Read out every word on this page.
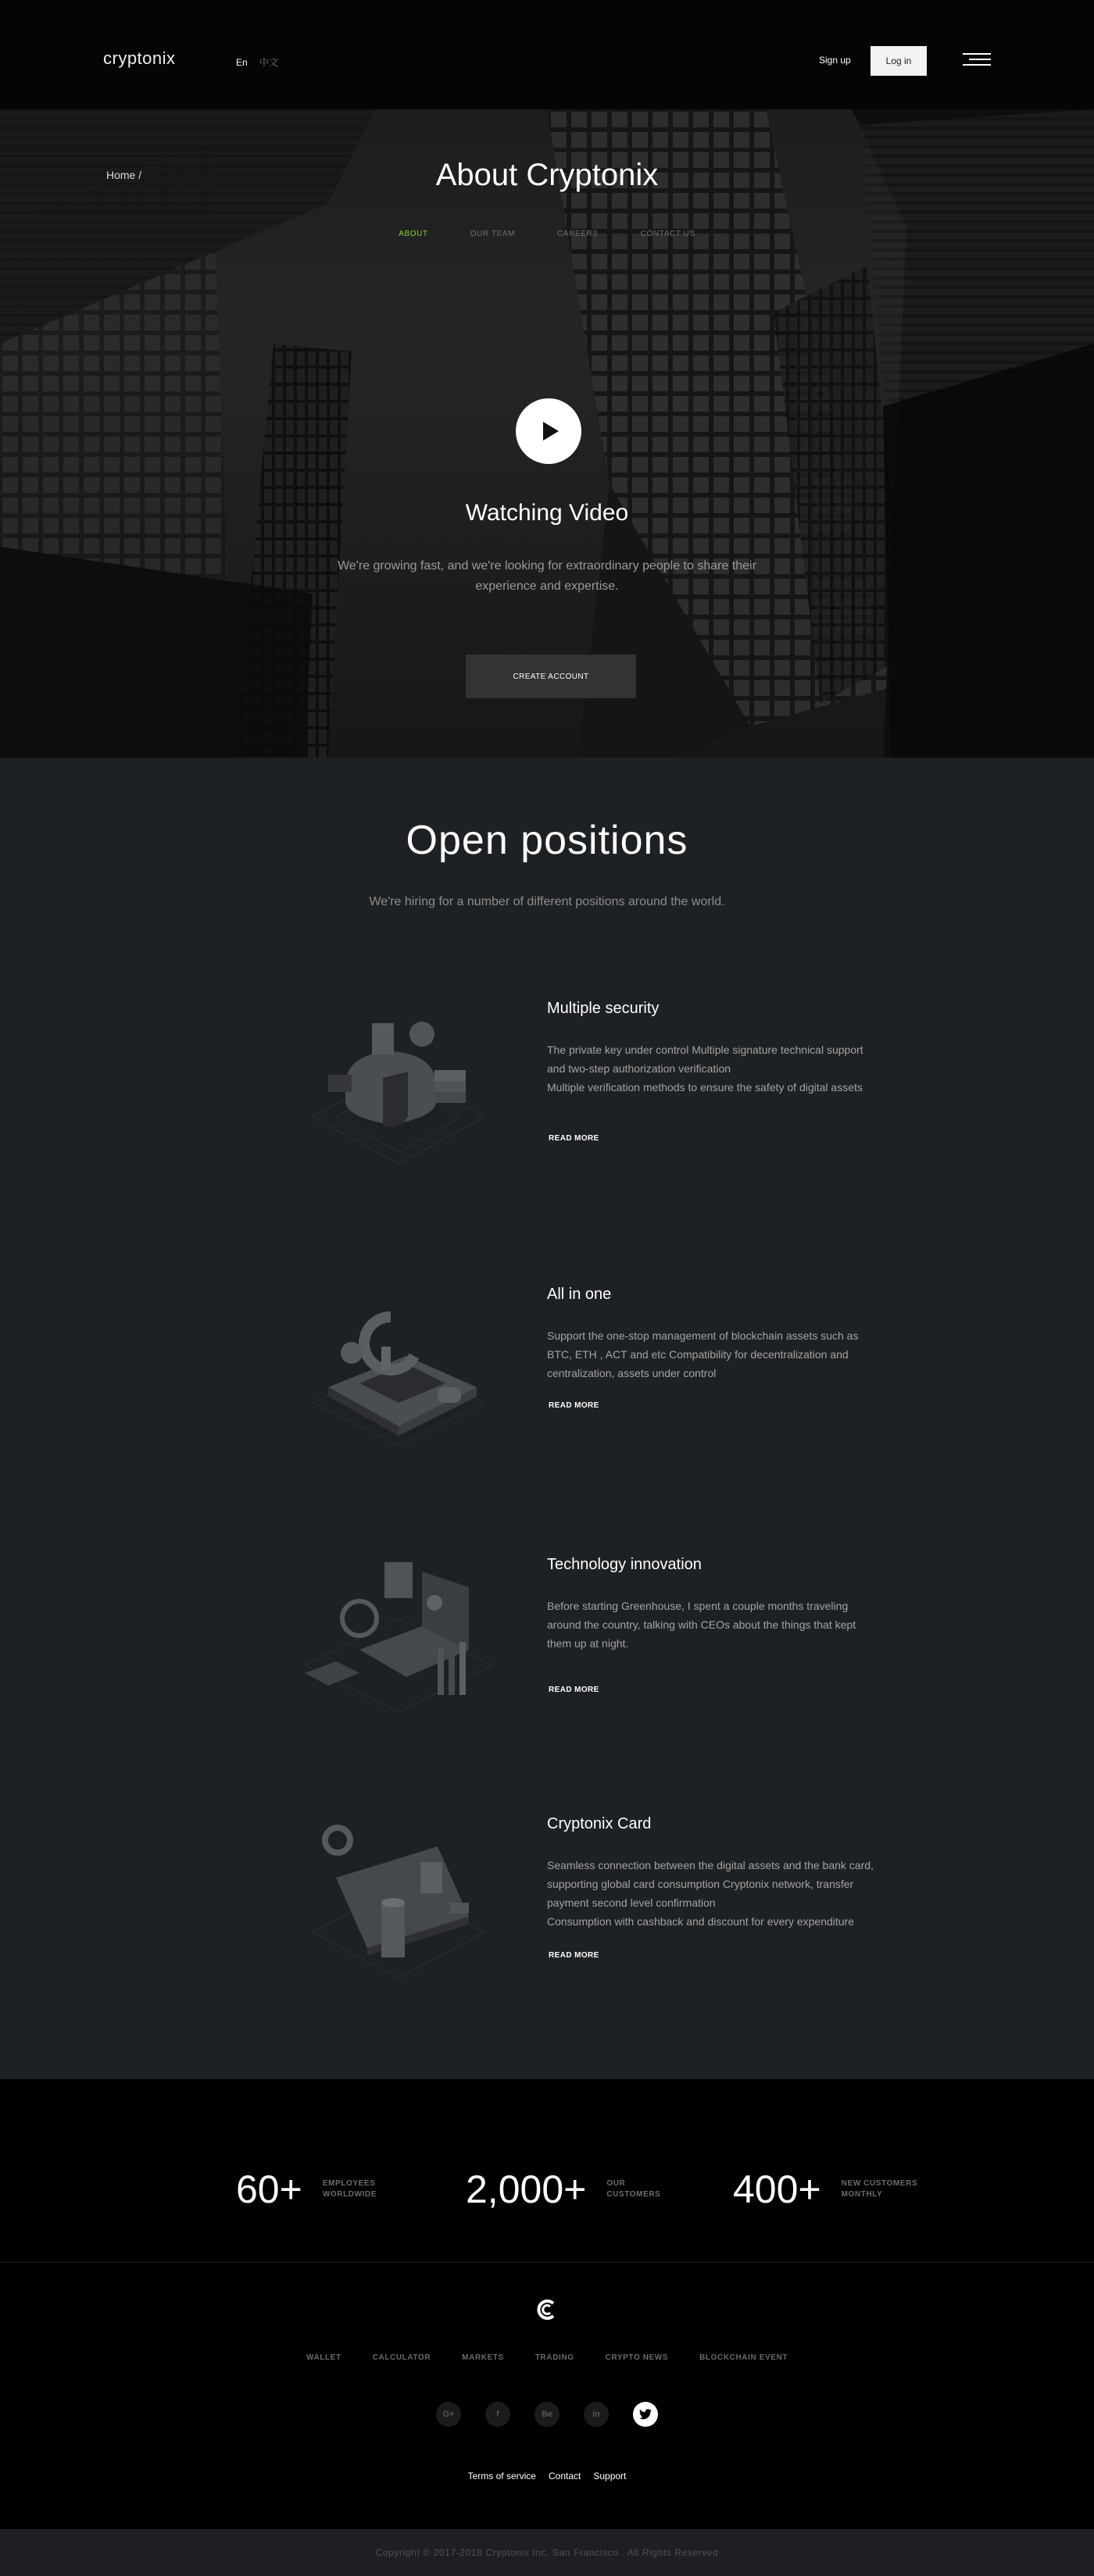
cryptonix	En 中文	Sign up	Log in
Home /	About Cryptonix
ABOUT	OUR TEAM	CAREERS	CONTACT US
Watching Video

We're growing fast, and we're looking for extraordinary people to share their experience and expertise.

CREATE ACCOUNT
Open positions

We're hiring for a number of different positions around the world.

Multiple security

The private key under control Multiple signature technical support and two-step authorization verification
Multiple verification methods to ensure the safety of digital assets

READ MORE
All in one

Support the one-stop management of blockchain assets such as BTC, ETH , ACT and etc Compatibility for decentralization and centralization, assets under control

READ MORE
Technology innovation

Before starting Greenhouse, I spent a couple months traveling around the country, talking with CEOs about the things that kept them up at night.

READ MORE
Cryptonix Card

Seamless connection between the digital assets and the bank card, supporting global card consumption Cryptonix network, transfer payment second level confirmation
Consumption with cashback and discount for every expenditure

READ MORE
60+	EMPLOYEES
WORLDWIDE 2,000+	OUR
CUSTOMERS 400+	NEW CUSTOMERS
MONTHLY
WALLET	CALCULATOR	MARKETS	TRADING	CRYPTO NEWS	BLOCKCHAIN EVENT
G+	f	Be	in
Terms of service Contact Support
Copyright © 2017-2018 Cryptonix Inc, San Francisco . All Rights Reserved
